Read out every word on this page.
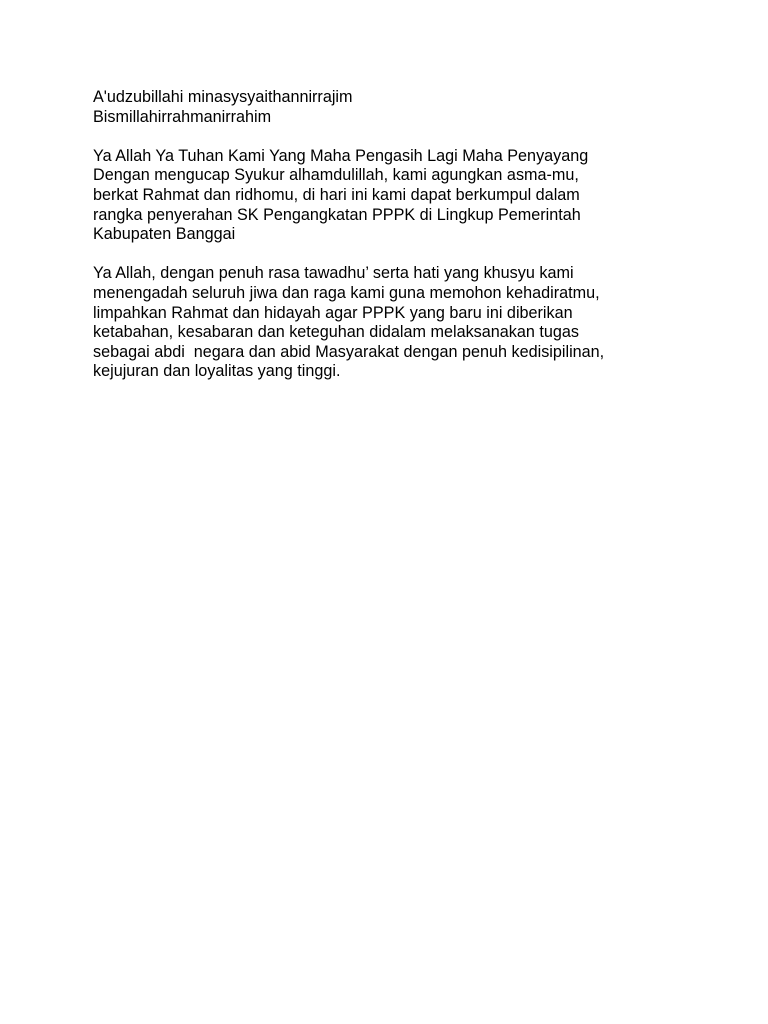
A'udzubillahi minasysyaithannirrajim
Bismillahirrahmanirrahim
Ya Allah Ya Tuhan Kami Yang Maha Pengasih Lagi Maha Penyayang
Dengan mengucap Syukur alhamdulillah, kami agungkan asma-mu,
berkat Rahmat dan ridhomu, di hari ini kami dapat berkumpul dalam
rangka penyerahan SK Pengangkatan PPPK di Lingkup Pemerintah
Kabupaten Banggai
Ya Allah, dengan penuh rasa tawadhu’ serta hati yang khusyu kami
menengadah seluruh jiwa dan raga kami guna memohon kehadiratmu,
limpahkan Rahmat dan hidayah agar PPPK yang baru ini diberikan
ketabahan, kesabaran dan keteguhan didalam melaksanakan tugas
sebagai abdi  negara dan abid Masyarakat dengan penuh kedisipilinan,
kejujuran dan loyalitas yang tinggi.
